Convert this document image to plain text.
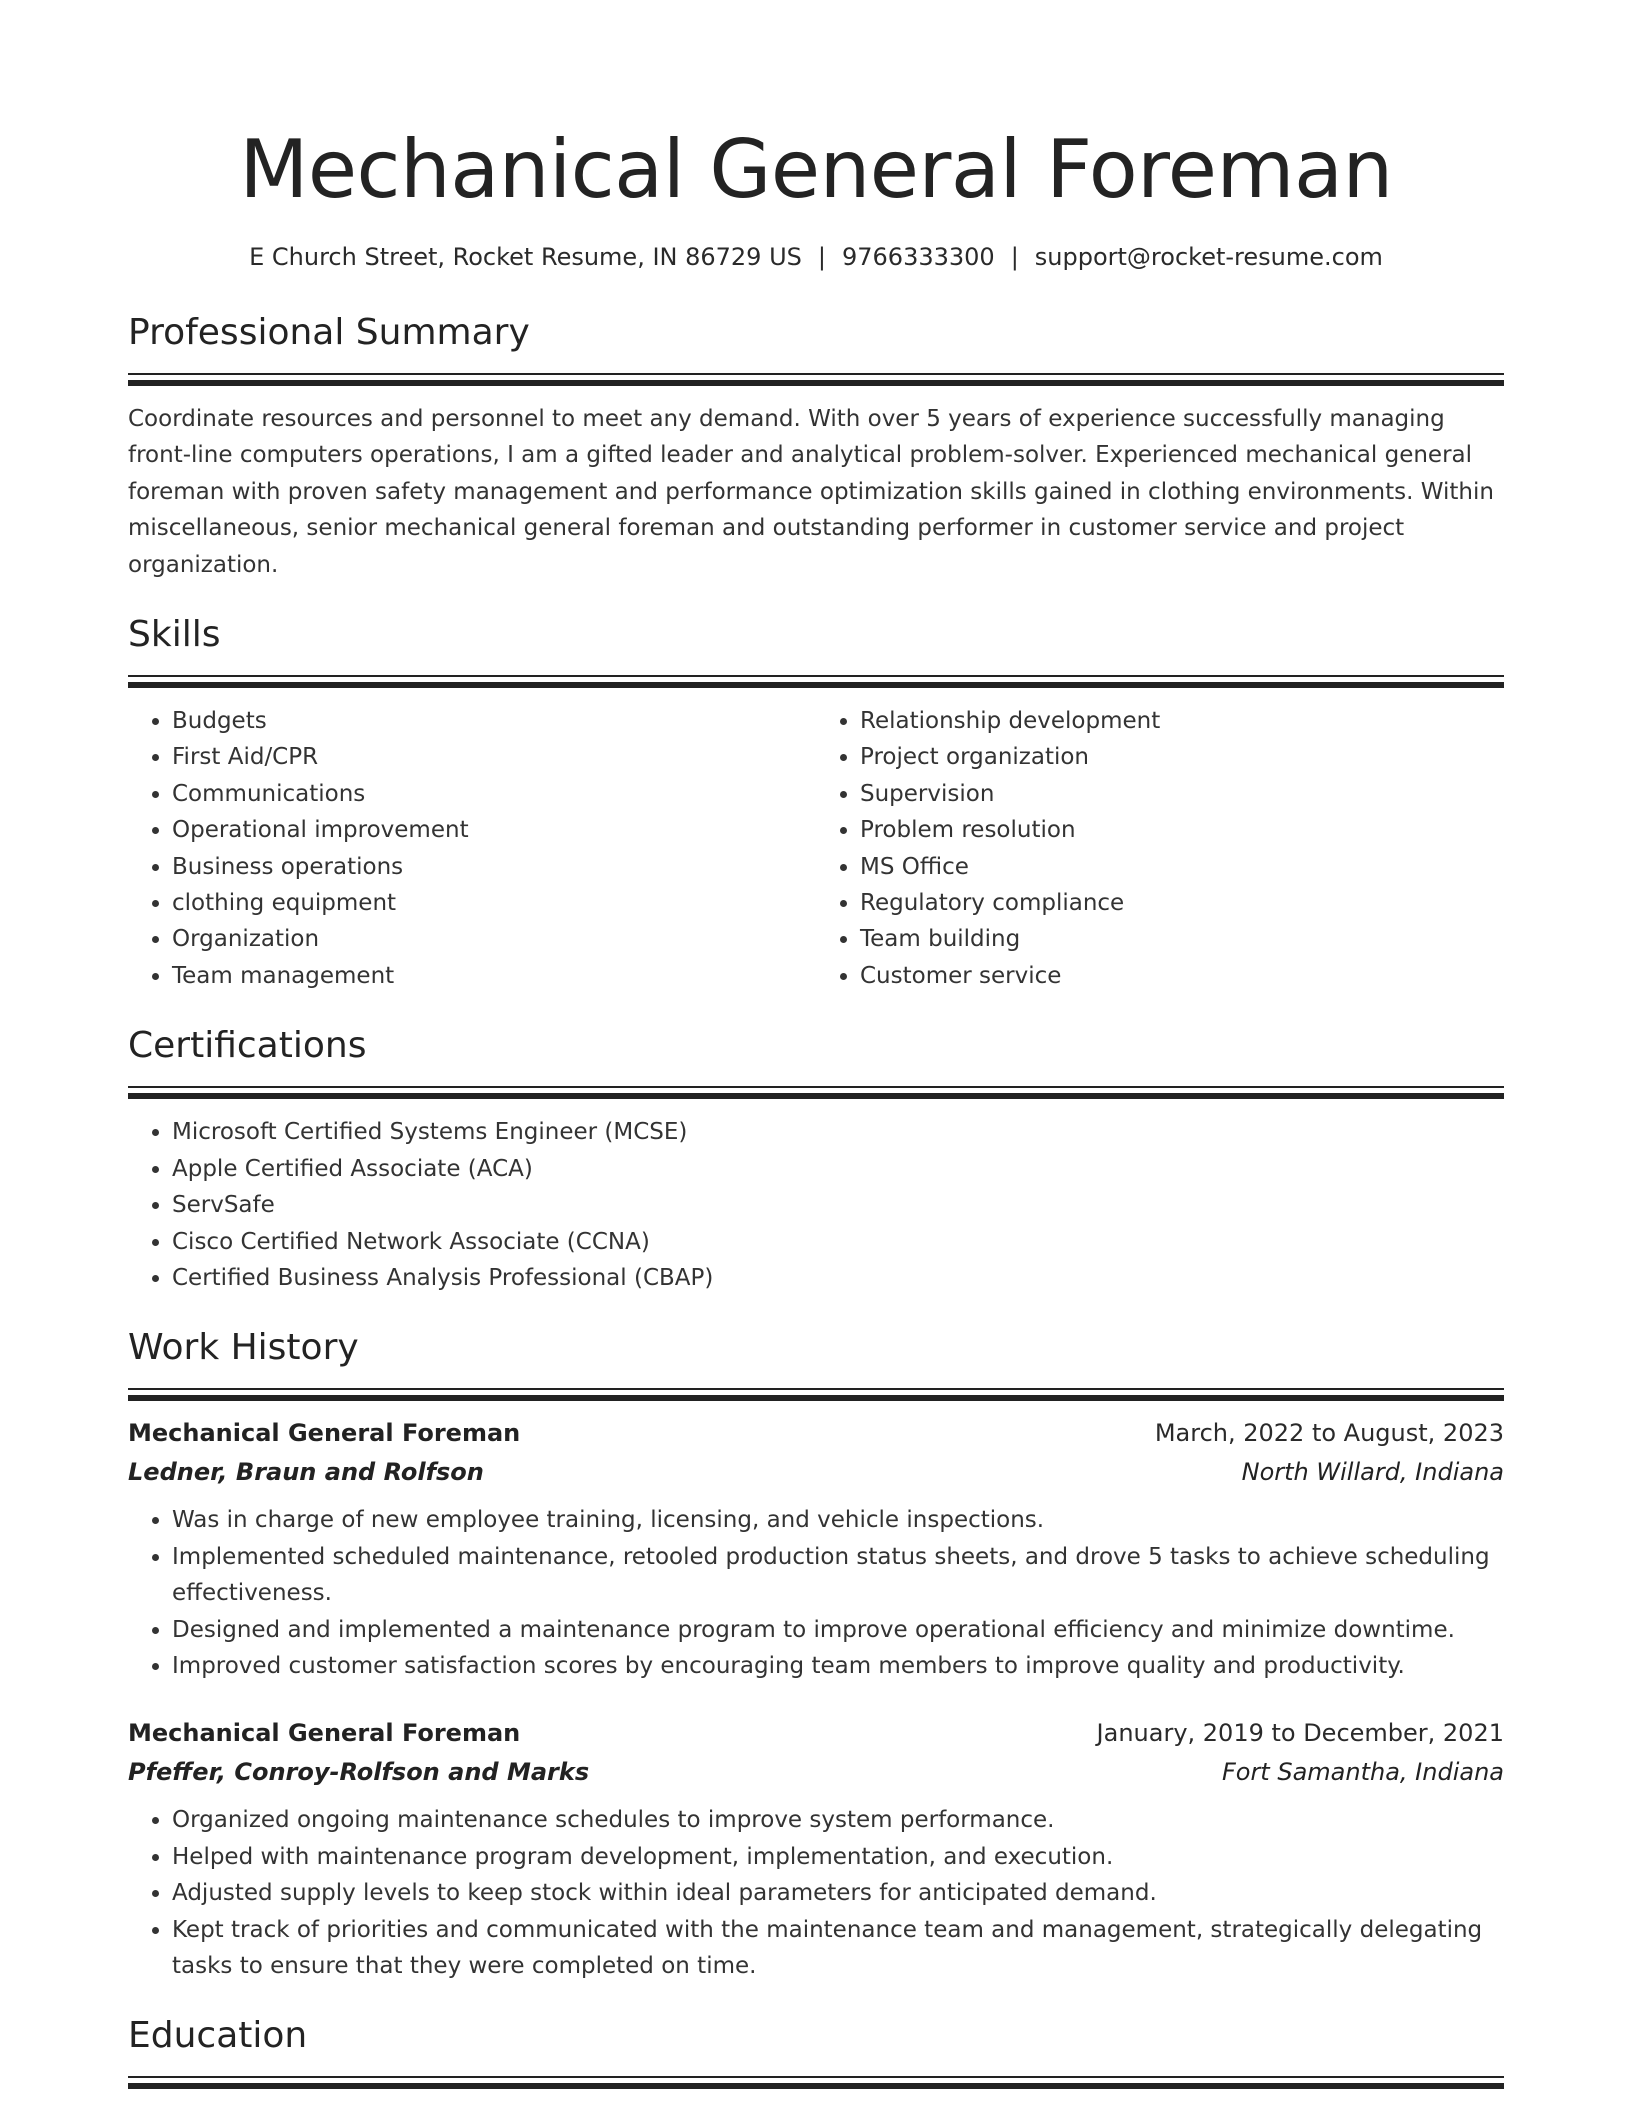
Mechanical General Foreman
E Church Street, Rocket Resume, IN 86729 US | 9766333300 | support@rocket-resume.com
Professional Summary

Coordinate resources and personnel to meet any demand. With over 5 years of experience successfully managing front-line computers operations, I am a gifted leader and analytical problem-solver. Experienced mechanical general foreman with proven safety management and performance optimization skills gained in clothing environments. Within miscellaneous, senior mechanical general foreman and outstanding performer in customer service and project organization.

Skills
• Budgets
• First Aid/CPR
• Communications
• Operational improvement
• Business operations
• clothing equipment
• Organization
• Team management
• Relationship development
• Project organization
• Supervision
• Problem resolution
• MS Office
• Regulatory compliance
• Team building
• Customer service
Certifications
• Microsoft Certified Systems Engineer (MCSE)
• Apple Certified Associate (ACA)
• ServSafe
• Cisco Certified Network Associate (CCNA)
• Certified Business Analysis Professional (CBAP)
Work History
Mechanical General Foreman	March, 2022 to August, 2023
Ledner, Braun and Rolfson	North Willard, Indiana
• Was in charge of new employee training, licensing, and vehicle inspections.
• Implemented scheduled maintenance, retooled production status sheets, and drove 5 tasks to achieve scheduling effectiveness.
• Designed and implemented a maintenance program to improve operational efficiency and minimize downtime.
• Improved customer satisfaction scores by encouraging team members to improve quality and productivity.
Mechanical General Foreman	January, 2019 to December, 2021
Pfeffer, Conroy-Rolfson and Marks	Fort Samantha, Indiana
• Organized ongoing maintenance schedules to improve system performance.
• Helped with maintenance program development, implementation, and execution.
• Adjusted supply levels to keep stock within ideal parameters for anticipated demand.
• Kept track of priorities and communicated with the maintenance team and management, strategically delegating tasks to ensure that they were completed on time.
Education
